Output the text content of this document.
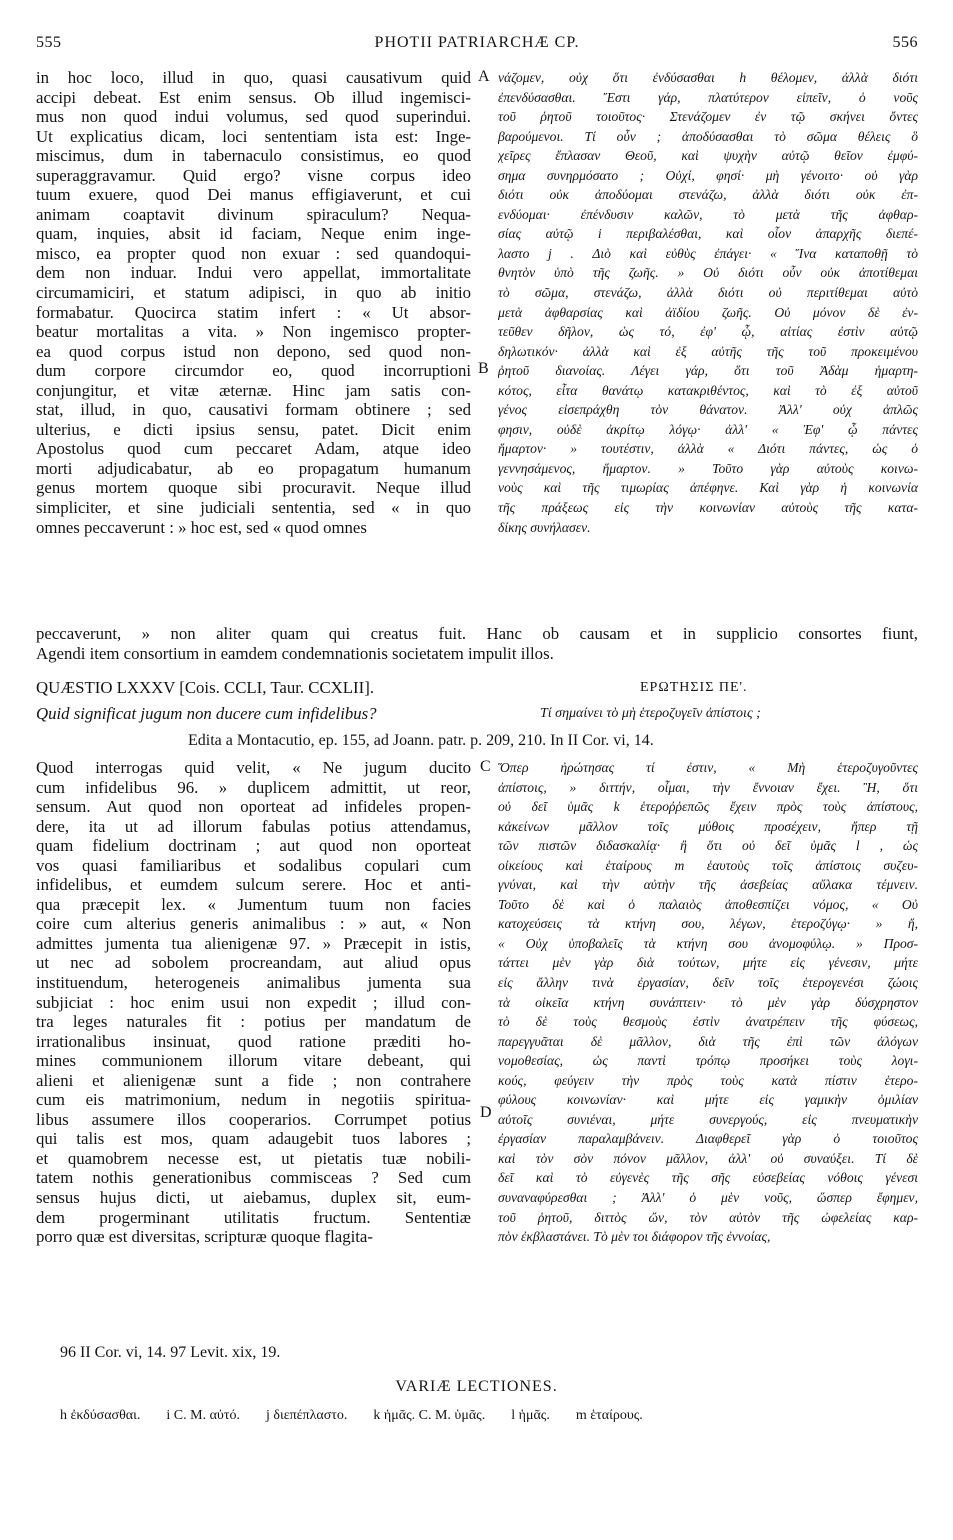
555	PHOTII PATRIARCHÆ CP.	556
in hoc loco, illud in quo, quasi causativum quid
accipi debeat. Est enim sensus. Ob illud ingemisci-
mus non quod indui volumus, sed quod superindui.
Ut explicatius dicam, loci sententiam ista est: Inge-
miscimus, dum in tabernaculo consistimus, eo quod
superaggravamur. Quid ergo? visne corpus ideo
tuum exuere, quod Dei manus effigiaverunt, et cui
animam coaptavit divinum spiraculum? Nequa-
quam, inquies, absit id faciam, Neque enim inge-
misco, ea propter quod non exuar : sed quandoqui-
dem non induar. Indui vero appellat, immortalitate
circumamiciri, et statum adipisci, in quo ab initio
formabatur. Quocirca statim infert : « Ut absor-
beatur mortalitas a vita. » Non ingemisco propter-
ea quod corpus istud non depono, sed quod non-
dum corpore circumdor eo, quod incorruptioni
conjungitur, et vitæ æternæ. Hinc jam satis con-
stat, illud, in quo, causativi formam obtinere ; sed
ulterius, e dicti ipsius sensu, patet. Dicit enim
Apostolus quod cum peccaret Adam, atque ideo
morti adjudicabatur, ab eo propagatum humanum
genus mortem quoque sibi procuravit. Neque illud
simpliciter, et sine judiciali sententia, sed « in quo
omnes peccaverunt : » hoc est, sed « quod omnes
νάζομεν, οὐχ ὅτι ἐνδύσασθαι h θέλομεν, ἀλλὰ διότι
ἐπενδύσασθαι. Ἔστι γάρ, πλατύτερον εἰπεῖν, ὁ νοῦς
τοῦ ῥητοῦ τοιοῦτος· Στενάζομεν ἐν τῷ σκήνει ὄντες
βαρούμενοι. Τί οὖν ; ἀποδύσασθαι τὸ σῶμα θέλεις ὃ
χεῖρες ἔπλασαν Θεοῦ, καὶ ψυχὴν αὐτῷ θεῖον ἐμφύ-
σημα συνηρμόσατο ; Οὐχί, φησί· μὴ γένοιτο· οὐ γὰρ
διότι οὐκ ἀποδύομαι στενάζω, ἀλλὰ διότι οὐκ ἐπ-
ενδύομαι· ἐπένδυσιν καλῶν, τὸ μετὰ τῆς ἀφθαρ-
σίας αὐτῷ i περιβαλέσθαι, καὶ οἷον ἀπαρχῆς διεπέ-
λαστο j . Διὸ καὶ εὐθὺς ἐπάγει· « Ἵνα καταποθῇ τὸ
θνητὸν ὑπὸ τῆς ζωῆς. » Οὐ διότι οὖν οὐκ ἀποτίθεμαι
τὸ σῶμα, στενάζω, ἀλλὰ διότι οὐ περιτίθεμαι αὐτὸ
μετὰ ἀφθαρσίας καὶ ἀϊδίου ζωῆς. Οὐ μόνον δὲ ἐν-
τεῦθεν δῆλον, ὡς τό, ἐφ' ᾧ, αἰτίας ἐστὶν αὐτῷ
δηλωτικόν· ἀλλὰ καὶ ἐξ αὐτῆς τῆς τοῦ προκειμένου
ῥητοῦ διανοίας. Λέγει γάρ, ὅτι τοῦ Ἀδὰμ ἡμαρτη-
κότος, εἶτα θανάτῳ κατακριθέντος, καὶ τὸ ἐξ αὐτοῦ
γένος εἰσεπράχθη τὸν θάνατον. Ἀλλ' οὐχ ἁπλῶς
φησιν, οὐδὲ ἀκρίτῳ λόγῳ· ἀλλ' « Ἐφ' ᾧ πάντες
ἥμαρτον· » τουτέστιν, ἀλλὰ « Διότι πάντες, ὡς ὁ
γεννησάμενος, ἥμαρτον. » Τοῦτο γὰρ αὐτοὺς κοινω-
νοὺς καὶ τῆς τιμωρίας ἀπέφηνε. Καὶ γὰρ ἡ κοινωνία
τῆς πράξεως εἰς τὴν κοινωνίαν αὐτοὺς τῆς κατα-
δίκης συνήλασεν.
A
B
peccaverunt, » non aliter quam qui creatus fuit. Hanc ob causam et in supplicio consortes fiunt,
Agendi item consortium in eamdem condemnationis societatem impulit illos.
QUÆSTIO LXXXV [Cois. CCLI, Taur. CCXLII].	ΕΡΩΤΗΣΙΣ ΠΕ'.
Quid significat jugum non ducere cum infidelibus?	Τί σημαίνει τὸ μὴ ἑτεροζυγεῖν ἀπίστοις ;
Edita a Montacutio, ep. 155, ad Joann. patr. p. 209, 210. In II Cor. vi, 14.
Quod interrogas quid velit, « Ne jugum ducito
cum infidelibus 96. » duplicem admittit, ut reor,
sensum. Aut quod non oporteat ad infideles propen-
dere, ita ut ad illorum fabulas potius attendamus,
quam fidelium doctrinam ; aut quod non oporteat
vos quasi familiaribus et sodalibus copulari cum
infidelibus, et eumdem sulcum serere. Hoc et anti-
qua præcepit lex. « Jumentum tuum non facies
coire cum alterius generis animalibus : » aut, « Non
admittes jumenta tua alienigenæ 97. » Præcepit in istis,
ut nec ad sobolem procreandam, aut aliud opus
instituendum, heterogeneis animalibus jumenta sua
subjiciat : hoc enim usui non expedit ; illud con-
tra leges naturales fit : potius per mandatum de
irrationalibus insinuat, quod ratione præditi ho-
mines communionem illorum vitare debeant, qui
alieni et alienigenæ sunt a fide ; non contrahere
cum eis matrimonium, nedum in negotiis spiritua-
libus assumere illos cooperarios. Corrumpet potius
qui talis est mos, quam adaugebit tuos labores ;
et quamobrem necesse est, ut pietatis tuæ nobili-
tatem nothis generationibus commisceas ? Sed cum
sensus hujus dicti, ut aiebamus, duplex sit, eum-
dem progerminant utilitatis fructum. Sententiæ
porro quæ est diversitas, scripturæ quoque flagita-
Ὅπερ ἠρώτησας τί ἐστιν, « Μὴ ἑτεροζυγοῦντες
ἀπίστοις, » διττήν, οἶμαι, τὴν ἔννοιαν ἔχει. Ἢ, ὅτι
οὐ δεῖ ὑμᾶς k ἑτεροῤῥεπῶς ἔχειν πρὸς τοὺς ἀπίστους,
κἀκείνων μᾶλλον τοῖς μύθοις προσέχειν, ἤπερ τῇ
τῶν πιστῶν διδασκαλίᾳ· ἢ ὅτι οὐ δεῖ ὑμᾶς l , ὡς
οἰκείους καὶ ἑταίρους m ἑαυτοὺς τοῖς ἀπίστοις συζευ-
γνύναι, καὶ τὴν αὐτὴν τῆς ἀσεβείας αὔλακα τέμνειν.
Τοῦτο δὲ καὶ ὁ παλαιὸς ἀποθεσπίζει νόμος, « Οὐ
κατοχεύσεις τὰ κτήνη σου, λέγων, ἑτεροζύγῳ· » ἤ,
« Οὐχ ὑποβαλεῖς τὰ κτήνη σου ἀνομοφύλῳ. » Προσ-
τάττει μὲν γὰρ διὰ τούτων, μήτε εἰς γένεσιν, μήτε
εἰς ἄλλην τινὰ ἐργασίαν, δεῖν τοῖς ἑτερογενέσι ζώοις
τὰ οἰκεῖα κτήνη συνάπτειν· τὸ μὲν γὰρ δύσχρηστον
τὸ δὲ τοὺς θεσμοὺς ἐστὶν ἀνατρέπειν τῆς φύσεως,
παρεγγυᾶται δὲ μᾶλλον, διὰ τῆς ἐπὶ τῶν ἀλόγων
νομοθεσίας, ὡς παντὶ τρόπῳ προσήκει τοὺς λογι-
κούς, φεύγειν τὴν πρὸς τοὺς κατὰ πίστιν ἑτερο-
φύλους κοινωνίαν· καὶ μήτε εἰς γαμικὴν ὁμιλίαν
αὐτοῖς συνιέναι, μήτε συνεργούς, εἰς πνευματικὴν
ἐργασίαν παραλαμβάνειν. Διαφθερεῖ γὰρ ὁ τοιοῦτος
καὶ τὸν σὸν πόνον μᾶλλον, ἀλλ' οὐ συναύξει. Τί δὲ
δεῖ καὶ τὸ εὐγενὲς τῆς σῆς εὐσεβείας νόθοις γένεσι
συναναφύρεσθαι ; Ἀλλ' ὁ μὲν νοῦς, ὥσπερ ἔφημεν,
τοῦ ῥητοῦ, διττὸς ὤν, τὸν αὐτὸν τῆς ὠφελείας καρ-
πὸν ἐκβλαστάνει. Τὸ μὲν τοι διάφορον τῆς ἐννοίας,
C
D
96 II Cor. vi, 14. 97 Levit. xix, 19.
VARIÆ LECTIONES.
h ἐκδύσασθαι. i C. M. αὐτό. j διεπέπλαστο. k ἡμᾶς. C. M. ὑμᾶς. l ἡμᾶς. m ἑταίρους.
